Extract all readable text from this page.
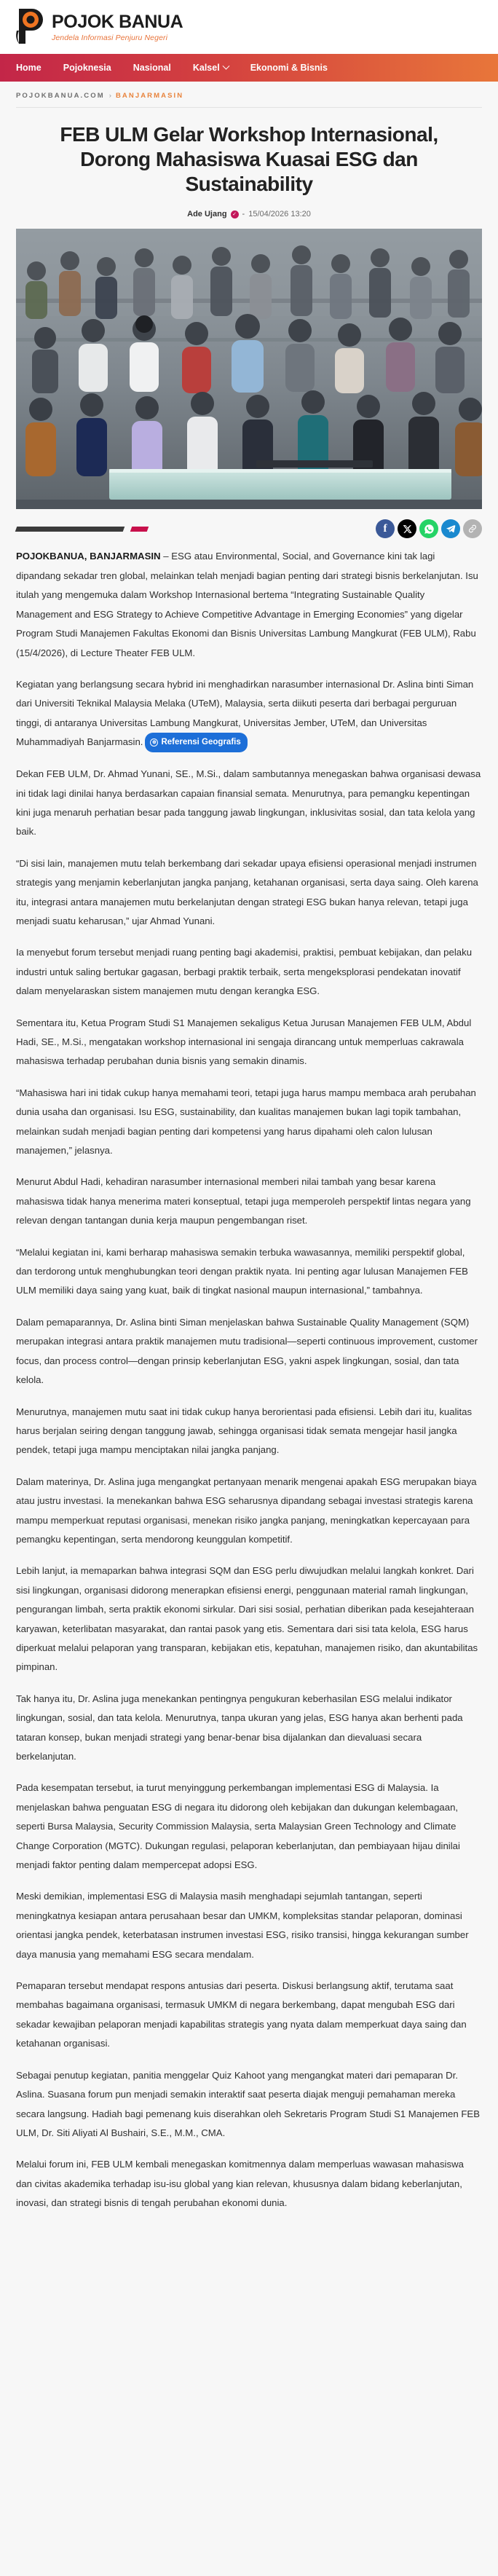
POJOK BANUA
Jendela Informasi Penjuru Negeri
Home Pojoknesia Nasional Kalsel	Ekonomi & Bisnis
POJOKBANUA.COM › BANJARMASIN
FEB ULM Gelar Workshop Internasional, Dorong Mahasiswa Kuasai ESG dan Sustainability
Ade Ujang	✓ - 15/04/2026 13:20
f

POJOKBANUA, BANJARMASIN – ESG atau Environmental, Social, and Governance kini tak lagi dipandang sekadar tren global, melainkan telah menjadi bagian penting dari strategi bisnis berkelanjutan. Isu itulah yang mengemuka dalam Workshop Internasional bertema “Integrating Sustainable Quality Management and ESG Strategy to Achieve Competitive Advantage in Emerging Economies” yang digelar Program Studi Manajemen Fakultas Ekonomi dan Bisnis Universitas Lambung Mangkurat (FEB ULM), Rabu (15/4/2026), di Lecture Theater FEB ULM.

Kegiatan yang berlangsung secara hybrid ini menghadirkan narasumber internasional Dr. Aslina binti Siman dari Universiti Teknikal Malaysia Melaka (UTeM), Malaysia, serta diikuti peserta dari berbagai perguruan tinggi, di antaranya Universitas Lambung Mangkurat, Universitas Jember, UTeM, dan Universitas Muhammadiyah Banjarmasin.	⊕ Referensi Geografis

Dekan FEB ULM, Dr. Ahmad Yunani, SE., M.Si., dalam sambutannya menegaskan bahwa organisasi dewasa ini tidak lagi dinilai hanya berdasarkan capaian finansial semata. Menurutnya, para pemangku kepentingan kini juga menaruh perhatian besar pada tanggung jawab lingkungan, inklusivitas sosial, dan tata kelola yang baik.

“Di sisi lain, manajemen mutu telah berkembang dari sekadar upaya efisiensi operasional menjadi instrumen strategis yang menjamin keberlanjutan jangka panjang, ketahanan organisasi, serta daya saing. Oleh karena itu, integrasi antara manajemen mutu berkelanjutan dengan strategi ESG bukan hanya relevan, tetapi juga menjadi suatu keharusan,” ujar Ahmad Yunani.

Ia menyebut forum tersebut menjadi ruang penting bagi akademisi, praktisi, pembuat kebijakan, dan pelaku industri untuk saling bertukar gagasan, berbagi praktik terbaik, serta mengeksplorasi pendekatan inovatif dalam menyelaraskan sistem manajemen mutu dengan kerangka ESG.

Sementara itu, Ketua Program Studi S1 Manajemen sekaligus Ketua Jurusan Manajemen FEB ULM, Abdul Hadi, SE., M.Si., mengatakan workshop internasional ini sengaja dirancang untuk memperluas cakrawala mahasiswa terhadap perubahan dunia bisnis yang semakin dinamis.

“Mahasiswa hari ini tidak cukup hanya memahami teori, tetapi juga harus mampu membaca arah perubahan dunia usaha dan organisasi. Isu ESG, sustainability, dan kualitas manajemen bukan lagi topik tambahan, melainkan sudah menjadi bagian penting dari kompetensi yang harus dipahami oleh calon lulusan manajemen,” jelasnya.

Menurut Abdul Hadi, kehadiran narasumber internasional memberi nilai tambah yang besar karena mahasiswa tidak hanya menerima materi konseptual, tetapi juga memperoleh perspektif lintas negara yang relevan dengan tantangan dunia kerja maupun pengembangan riset.

“Melalui kegiatan ini, kami berharap mahasiswa semakin terbuka wawasannya, memiliki perspektif global, dan terdorong untuk menghubungkan teori dengan praktik nyata. Ini penting agar lulusan Manajemen FEB ULM memiliki daya saing yang kuat, baik di tingkat nasional maupun internasional,” tambahnya.

Dalam pemaparannya, Dr. Aslina binti Siman menjelaskan bahwa Sustainable Quality Management (SQM) merupakan integrasi antara praktik manajemen mutu tradisional—seperti continuous improvement, customer focus, dan process control—dengan prinsip keberlanjutan ESG, yakni aspek lingkungan, sosial, dan tata kelola.

Menurutnya, manajemen mutu saat ini tidak cukup hanya berorientasi pada efisiensi. Lebih dari itu, kualitas harus berjalan seiring dengan tanggung jawab, sehingga organisasi tidak semata mengejar hasil jangka pendek, tetapi juga mampu menciptakan nilai jangka panjang.

Dalam materinya, Dr. Aslina juga mengangkat pertanyaan menarik mengenai apakah ESG merupakan biaya atau justru investasi. Ia menekankan bahwa ESG seharusnya dipandang sebagai investasi strategis karena mampu memperkuat reputasi organisasi, menekan risiko jangka panjang, meningkatkan kepercayaan para pemangku kepentingan, serta mendorong keunggulan kompetitif.

Lebih lanjut, ia memaparkan bahwa integrasi SQM dan ESG perlu diwujudkan melalui langkah konkret. Dari sisi lingkungan, organisasi didorong menerapkan efisiensi energi, penggunaan material ramah lingkungan, pengurangan limbah, serta praktik ekonomi sirkular. Dari sisi sosial, perhatian diberikan pada kesejahteraan karyawan, keterlibatan masyarakat, dan rantai pasok yang etis. Sementara dari sisi tata kelola, ESG harus diperkuat melalui pelaporan yang transparan, kebijakan etis, kepatuhan, manajemen risiko, dan akuntabilitas pimpinan.

Tak hanya itu, Dr. Aslina juga menekankan pentingnya pengukuran keberhasilan ESG melalui indikator lingkungan, sosial, dan tata kelola. Menurutnya, tanpa ukuran yang jelas, ESG hanya akan berhenti pada tataran konsep, bukan menjadi strategi yang benar-benar bisa dijalankan dan dievaluasi secara berkelanjutan.

Pada kesempatan tersebut, ia turut menyinggung perkembangan implementasi ESG di Malaysia. Ia menjelaskan bahwa penguatan ESG di negara itu didorong oleh kebijakan dan dukungan kelembagaan, seperti Bursa Malaysia, Security Commission Malaysia, serta Malaysian Green Technology and Climate Change Corporation (MGTC). Dukungan regulasi, pelaporan keberlanjutan, dan pembiayaan hijau dinilai menjadi faktor penting dalam mempercepat adopsi ESG.

Meski demikian, implementasi ESG di Malaysia masih menghadapi sejumlah tantangan, seperti meningkatnya kesiapan antara perusahaan besar dan UMKM, kompleksitas standar pelaporan, dominasi orientasi jangka pendek, keterbatasan instrumen investasi ESG, risiko transisi, hingga kekurangan sumber daya manusia yang memahami ESG secara mendalam.

Pemaparan tersebut mendapat respons antusias dari peserta. Diskusi berlangsung aktif, terutama saat membahas bagaimana organisasi, termasuk UMKM di negara berkembang, dapat mengubah ESG dari sekadar kewajiban pelaporan menjadi kapabilitas strategis yang nyata dalam memperkuat daya saing dan ketahanan organisasi.

Sebagai penutup kegiatan, panitia menggelar Quiz Kahoot yang mengangkat materi dari pemaparan Dr. Aslina. Suasana forum pun menjadi semakin interaktif saat peserta diajak menguji pemahaman mereka secara langsung. Hadiah bagi pemenang kuis diserahkan oleh Sekretaris Program Studi S1 Manajemen FEB ULM, Dr. Siti Aliyati Al Bushairi, S.E., M.M., CMA.

Melalui forum ini, FEB ULM kembali menegaskan komitmennya dalam memperluas wawasan mahasiswa dan civitas akademika terhadap isu-isu global yang kian relevan, khususnya dalam bidang keberlanjutan, inovasi, dan strategi bisnis di tengah perubahan ekonomi dunia.
